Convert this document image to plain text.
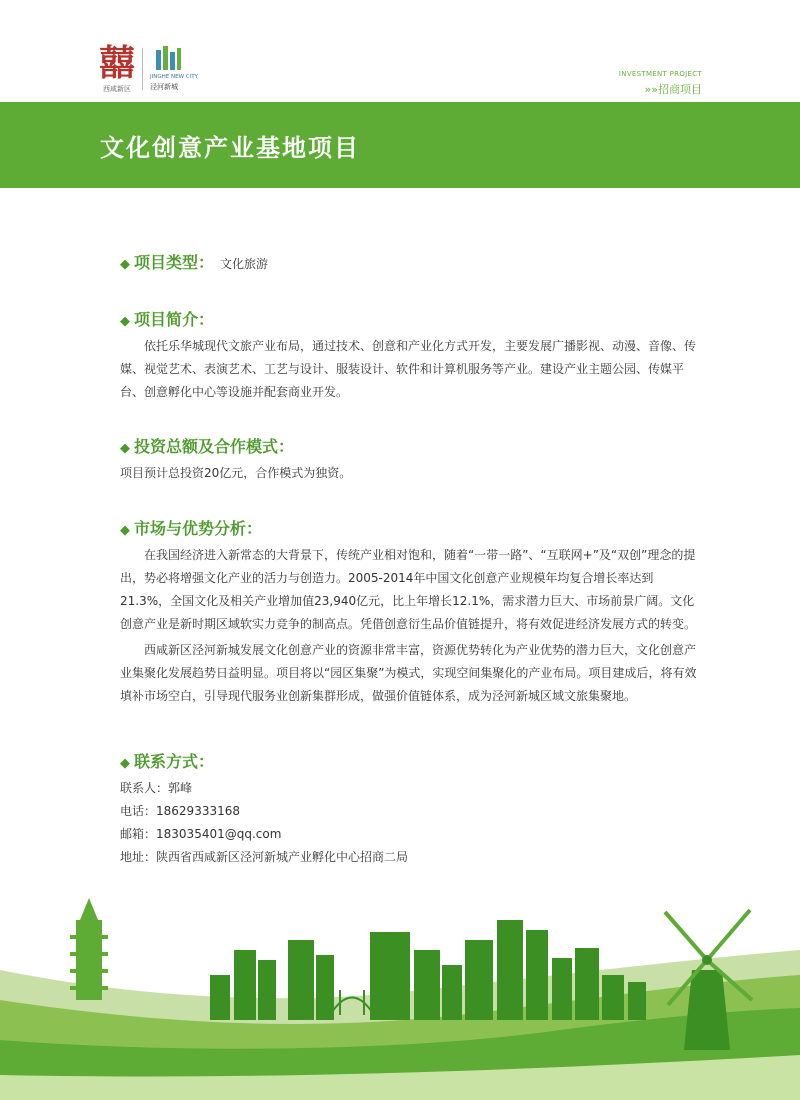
囍
西咸新区
JINGHE NEW CITY
泾河新城
INVESTMENT PROJECT
»»招商项目
文化创意产业基地项目
◆ 项目类型： 文化旅游
◆ 项目简介：

依托乐华城现代文旅产业布局，通过技术、创意和产业化方式开发，主要发展广播影视、动漫、音像、传媒、视觉艺术、表演艺术、工艺与设计、服装设计、软件和计算机服务等产业。建设产业主题公园、传媒平台、创意孵化中心等设施并配套商业开发。

◆ 投资总额及合作模式：

项目预计总投资20亿元，合作模式为独资。

◆ 市场与优势分析：

在我国经济进入新常态的大背景下，传统产业相对饱和，随着“一带一路”、“互联网+”及“双创”理念的提出，势必将增强文化产业的活力与创造力。2005-2014年中国文化创意产业规模年均复合增长率达到21.3%，全国文化及相关产业增加值23,940亿元，比上年增长12.1%，需求潜力巨大、市场前景广阔。文化创意产业是新时期区域软实力竞争的制高点。凭借创意衍生品价值链提升，将有效促进经济发展方式的转变。

西咸新区泾河新城发展文化创意产业的资源非常丰富，资源优势转化为产业优势的潜力巨大，文化创意产业集聚化发展趋势日益明显。项目将以“园区集聚”为模式，实现空间集聚化的产业布局。项目建成后，将有效填补市场空白，引导现代服务业创新集群形成，做强价值链体系，成为泾河新城区域文旅集聚地。

◆ 联系方式：
联系人：郭峰
电话：18629333168
邮箱：183035401@qq.com
地址：陕西省西咸新区泾河新城产业孵化中心招商二局
